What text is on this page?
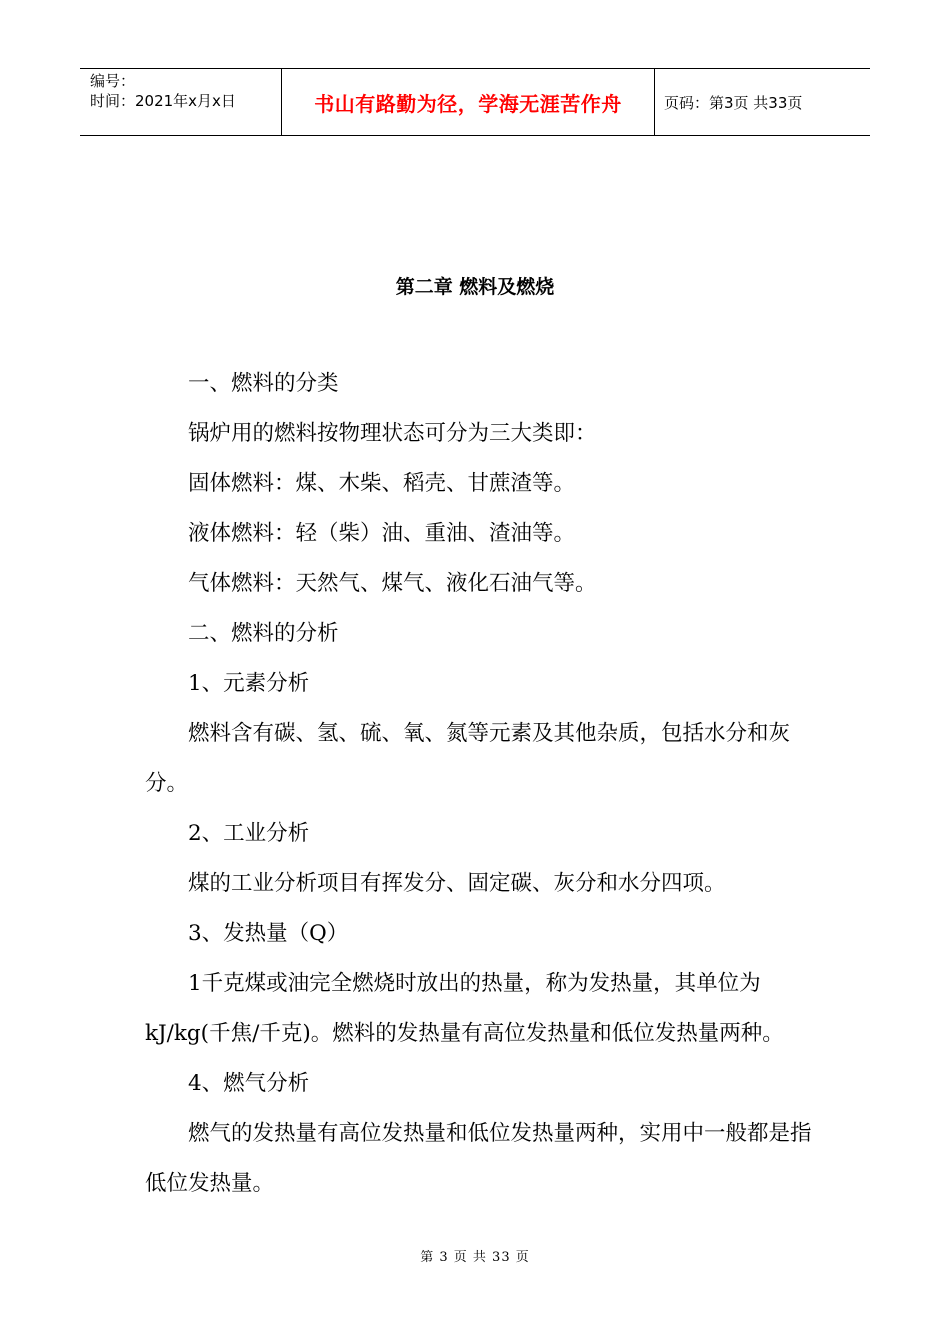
编号：
时间：2021年x月x日	书山有路勤为径，学海无涯苦作舟	页码：第3页 共33页
第二章 燃料及燃烧

一、燃料的分类

锅炉用的燃料按物理状态可分为三大类即：

固体燃料：煤、木柴、稻壳、甘蔗渣等。

液体燃料：轻（柴）油、重油、渣油等。

气体燃料：天然气、煤气、液化石油气等。

二、燃料的分析

1、元素分析

燃料含有碳、氢、硫、氧、氮等元素及其他杂质，包括水分和灰分。

2、工业分析

煤的工业分析项目有挥发分、固定碳、灰分和水分四项。

3、发热量（Q）

1千克煤或油完全燃烧时放出的热量，称为发热量，其单位为kJ/kg(千焦/千克)。燃料的发热量有高位发热量和低位发热量两种。

4、燃气分析

燃气的发热量有高位发热量和低位发热量两种，实用中一般都是指低位发热量。

第 3 页 共 33 页
